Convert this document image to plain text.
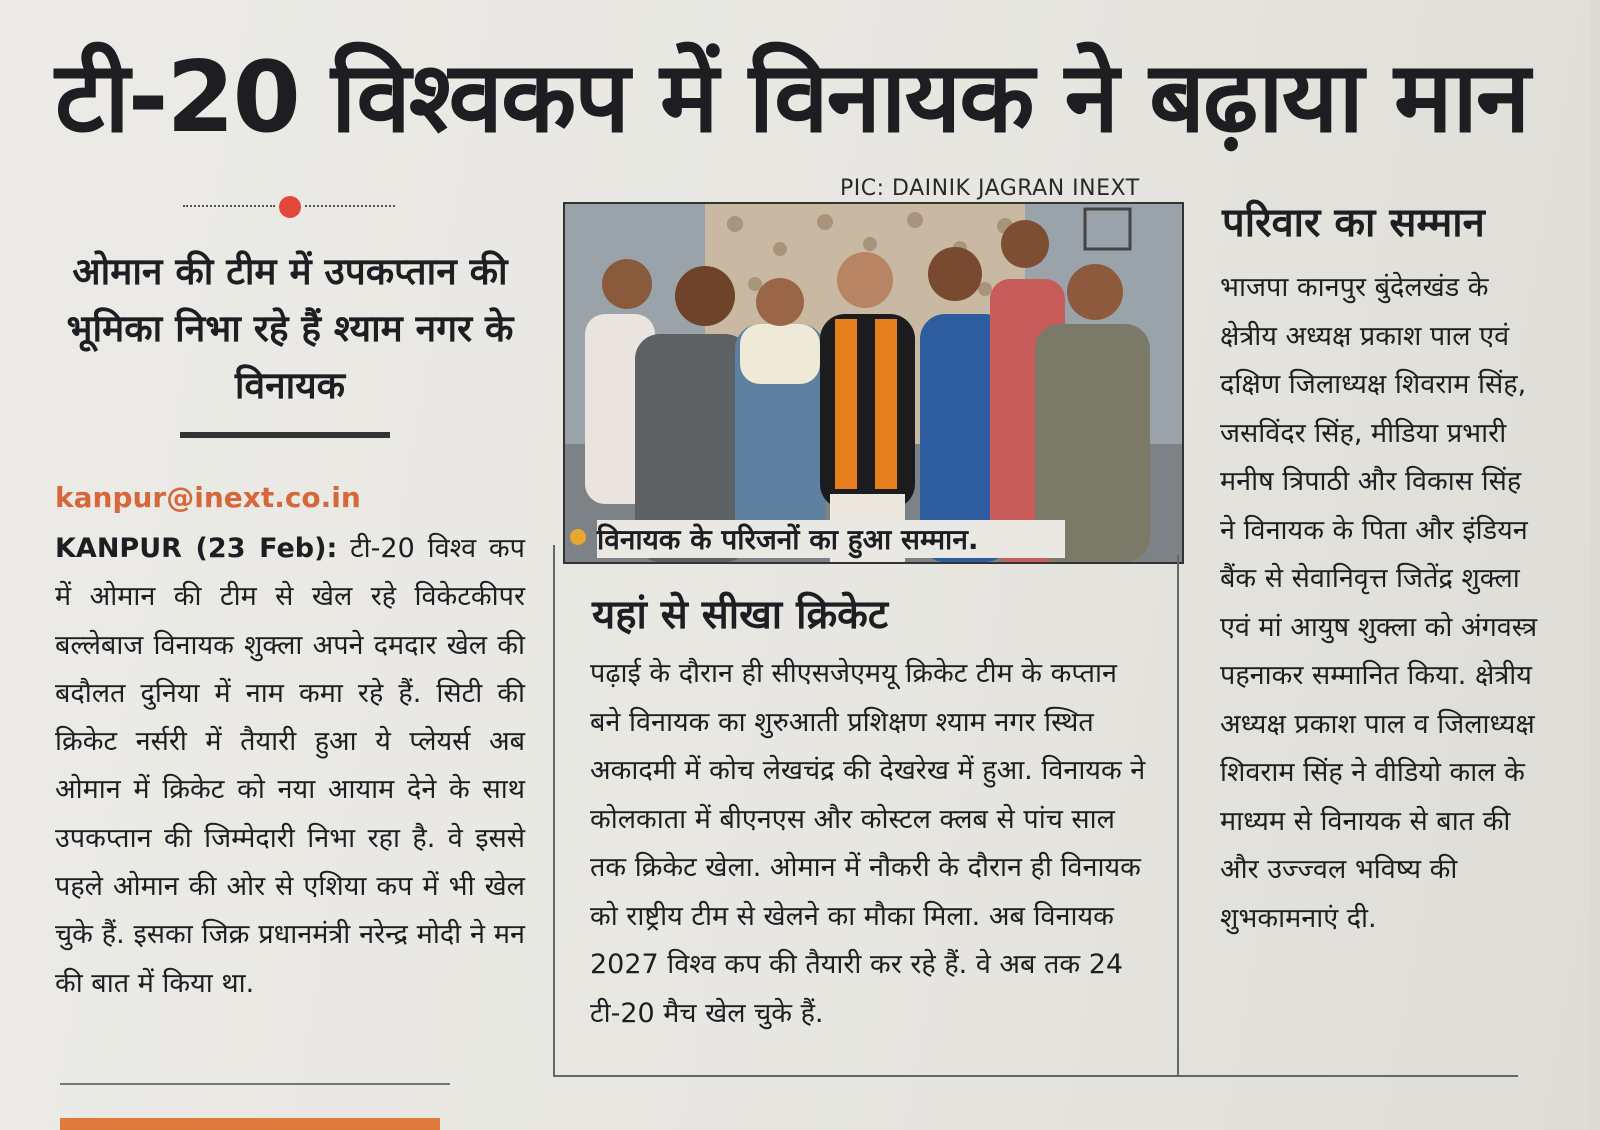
टी-20 विश्वकप में विनायक ने बढ़ाया मान
ओमान की टीम में उपकप्तान की भूमिका निभा रहे हैं श्याम नगर के विनायक
kanpur@inext.co.in
KANPUR (23 Feb): टी-20 विश्व कप में ओमान की टीम से खेल रहे विकेटकीपर बल्लेबाज विनायक शुक्ला अपने दमदार खेल की बदौलत दुनिया में नाम कमा रहे हैं. सिटी की क्रिकेट नर्सरी में तैयारी हुआ ये प्लेयर्स अब ओमान में क्रिकेट को नया आयाम देने के साथ उपकप्तान की जिम्मेदारी निभा रहा है. वे इससे पहले ओमान की ओर से एशिया कप में भी खेल चुके हैं. इसका जिक्र प्रधानमंत्री नरेन्द्र मोदी ने मन की बात में किया था.
PIC: DAINIK JAGRAN INEXT
विनायक के परिजनों का हुआ सम्मान.
यहां से सीखा क्रिकेट
पढ़ाई के दौरान ही सीएसजेएमयू क्रिकेट टीम के कप्तान बने विनायक का शुरुआती प्रशिक्षण श्याम नगर स्थित अकादमी में कोच लेखचंद्र की देखरेख में हुआ. विनायक ने कोलकाता में बीएनएस और कोस्टल क्लब से पांच साल तक क्रिकेट खेला. ओमान में नौकरी के दौरान ही विनायक को राष्ट्रीय टीम से खेलने का मौका मिला. अब विनायक 2027 विश्व कप की तैयारी कर रहे हैं. वे अब तक 24 टी-20 मैच खेल चुके हैं.
परिवार का सम्मान
भाजपा कानपुर बुंदेलखंड के क्षेत्रीय अध्यक्ष प्रकाश पाल एवं दक्षिण जिलाध्यक्ष शिवराम सिंह, जसविंदर सिंह, मीडिया प्रभारी मनीष त्रिपाठी और विकास सिंह ने विनायक के पिता और इंडियन बैंक से सेवानिवृत्त जितेंद्र शुक्ला एवं मां आयुष शुक्ला को अंगवस्त्र पहनाकर सम्मानित किया. क्षेत्रीय अध्यक्ष प्रकाश पाल व जिलाध्यक्ष शिवराम सिंह ने वीडियो काल के माध्यम से विनायक से बात की और उज्ज्वल भविष्य की शुभकामनाएं दी.
